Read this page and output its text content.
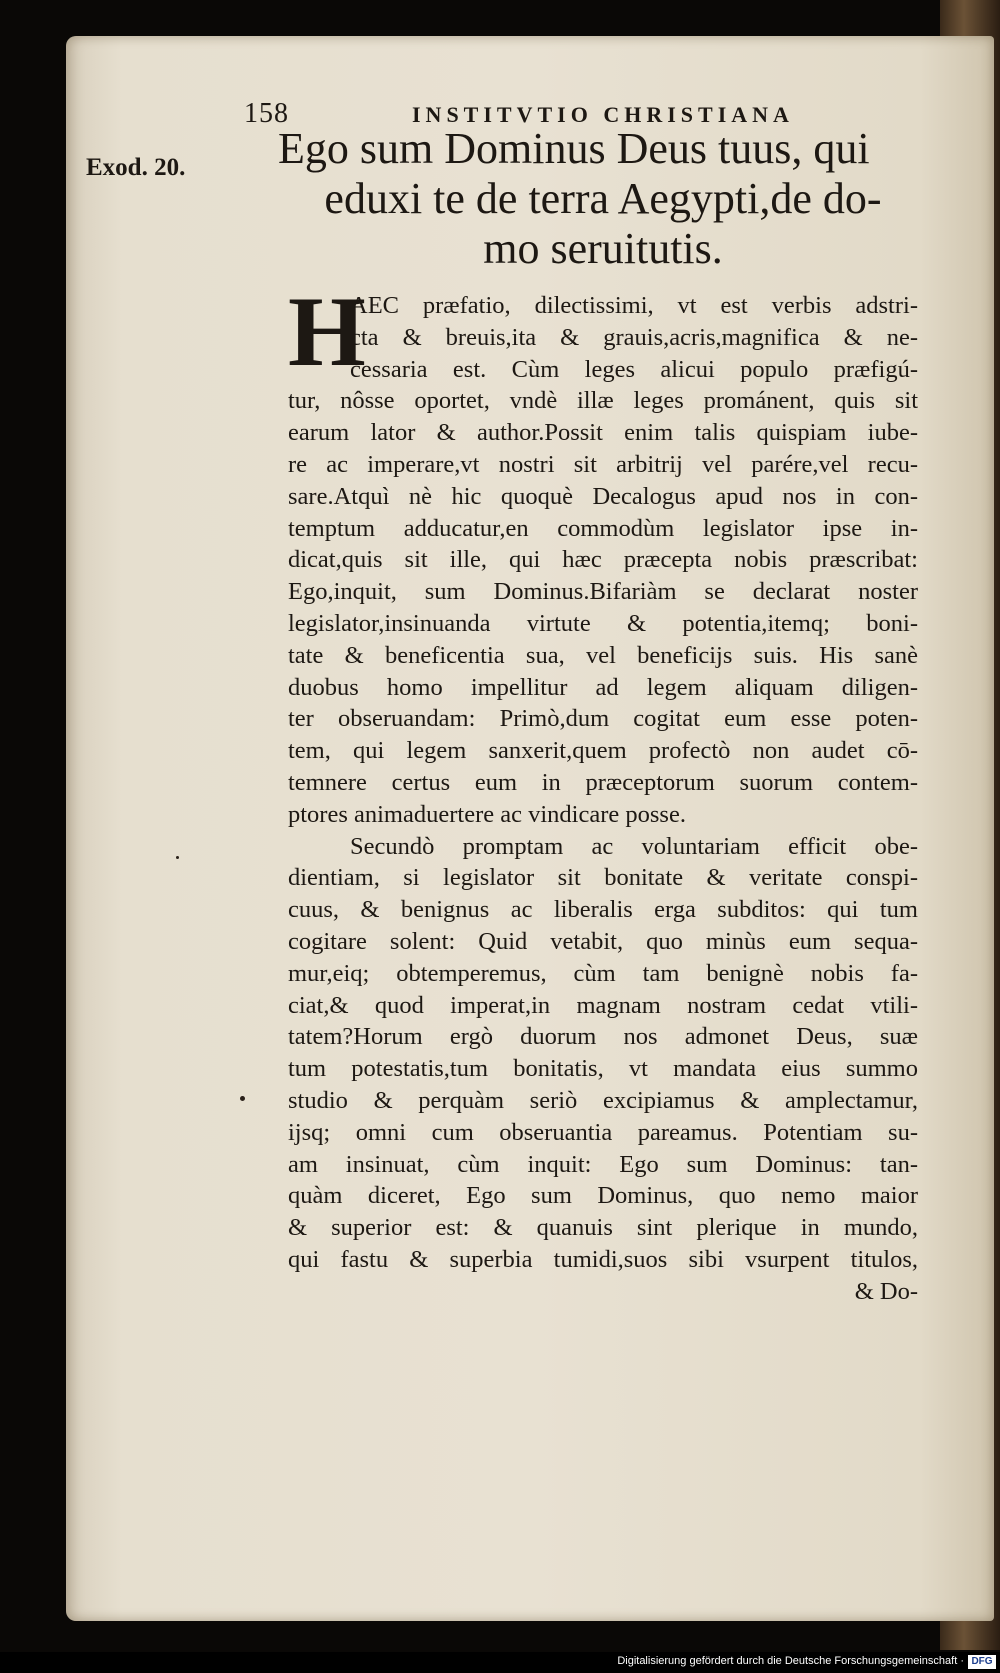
158	INSTITVTIO CHRISTIANA
Exod. 20. Ego sum Dominus Deus tuus, qui
eduxi te de terra Aegypti,de do-
mo seruitutis.
H
AEC præfatio, dilectissimi, vt est verbis adstri-
cta & breuis,ita & grauis,acris,magnifica & ne-
cessaria est. Cùm leges alicui populo præfigú-
tur, nôsse oportet, vndè illæ leges prománent, quis sit
earum lator & author.Possit enim talis quispiam iube-
re ac imperare,vt nostri sit arbitrij vel parére,vel recu-
sare.Atquì nè hic quoquè Decalogus apud nos in con-
temptum adducatur,en commodùm legislator ipse in-
dicat,quis sit ille, qui hæc præcepta nobis præscribat:
Ego,inquit, sum Dominus.Bifariàm se declarat noster
legislator,insinuanda virtute & potentia,itemq; boni-
tate & beneficentia sua, vel beneficijs suis. His sanè
duobus homo impellitur ad legem aliquam diligen-
ter obseruandam: Primò,dum cogitat eum esse poten-
tem, qui legem sanxerit,quem profectò non audet cō-
temnere certus eum in præceptorum suorum contem-
ptores animaduertere ac vindicare posse.
Secundò promptam ac voluntariam efficit obe-
dientiam, si legislator sit bonitate & veritate conspi-
cuus, & benignus ac liberalis erga subditos: qui tum
cogitare solent: Quid vetabit, quo minùs eum sequa-
mur,eiq; obtemperemus, cùm tam benignè nobis fa-
ciat,& quod imperat,in magnam nostram cedat vtili-
tatem?Horum ergò duorum nos admonet Deus, suæ
tum potestatis,tum bonitatis, vt mandata eius summo
studio & perquàm seriò excipiamus & amplectamur,
ijsq; omni cum obseruantia pareamus. Potentiam su-
am insinuat, cùm inquit: Ego sum Dominus: tan-
quàm diceret, Ego sum Dominus, quo nemo maior
& superior est: & quanuis sint plerique in mundo,
qui fastu & superbia tumidi,suos sibi vsurpent titulos,
& Do-
Digitalisierung gefördert durch die Deutsche Forschungsgemeinschaft · DFG
